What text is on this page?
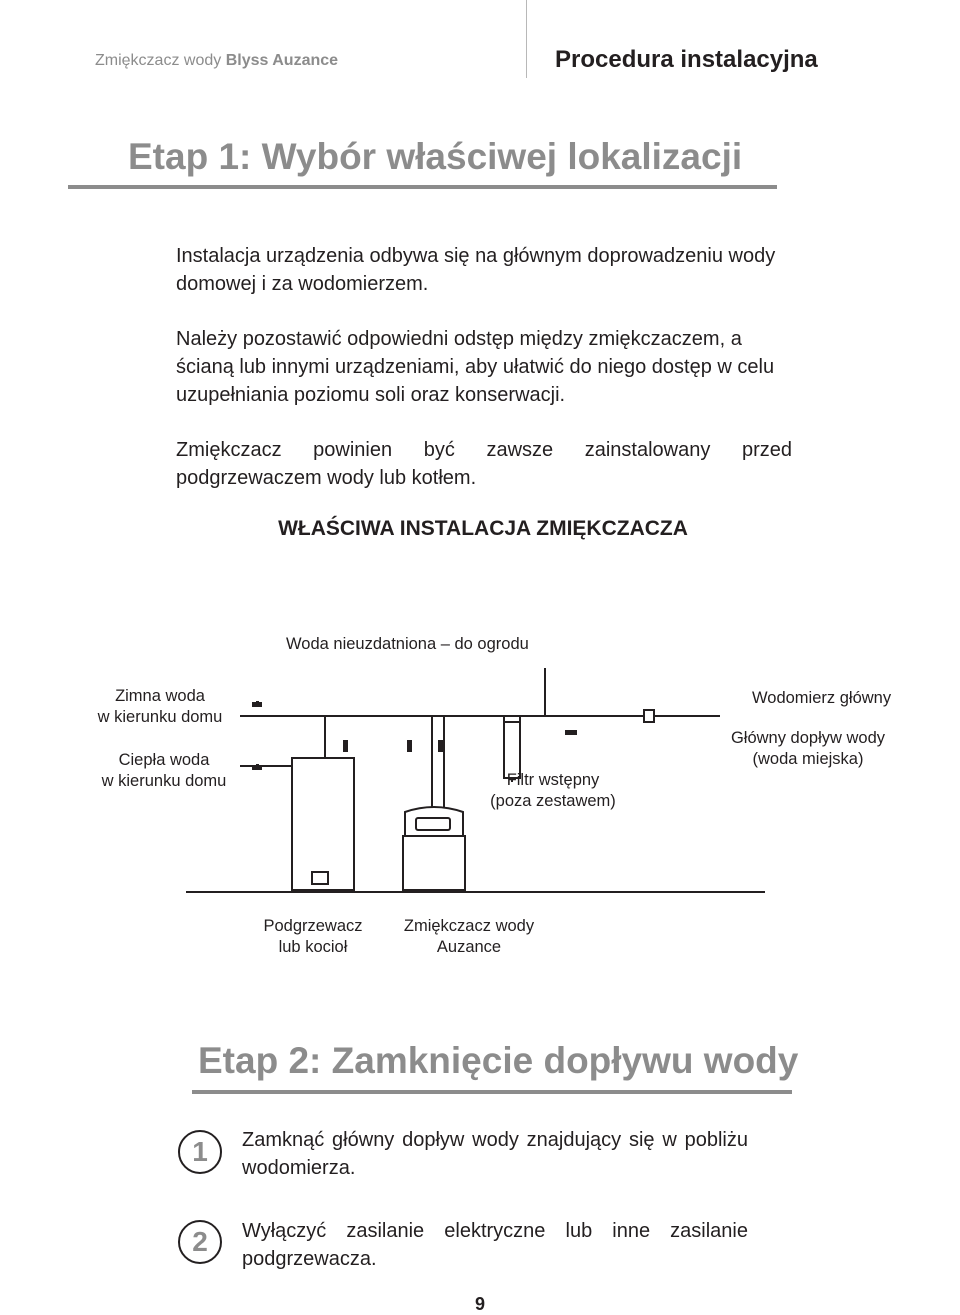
Zmiękczacz wody Blyss Auzance	Procedura instalacyjna
Etap 1: Wybór właściwej lokalizacji
Instalacja urządzenia odbywa się na głównym doprowadzeniu wody domowej i za wodomierzem.
Należy pozostawić odpowiedni odstęp między zmiękczaczem, a ścianą lub innymi urządzeniami, aby ułatwić do niego dostęp w celu uzupełniania poziomu soli oraz konserwacji.
Zmiękczacz powinien być zawsze zainstalowany przed podgrzewaczem wody lub kotłem.
WŁAŚCIWA INSTALACJA ZMIĘKCZACZA
Woda nieuzdatniona – do ogrodu
Zimna woda
w kierunku domu
Ciepła woda
w kierunku domu
Wodomierz główny
Główny dopływ wody
(woda miejska)
Filtr wstępny
(poza zestawem)
Podgrzewacz
lub kocioł
Zmiękczacz wody
Auzance
Etap 2: Zamknięcie dopływu wody
1	Zamknąć główny dopływ wody znajdujący się w pobliżu wodomierza.
2	Wyłączyć zasilanie elektryczne lub inne zasilanie podgrzewacza.
9
